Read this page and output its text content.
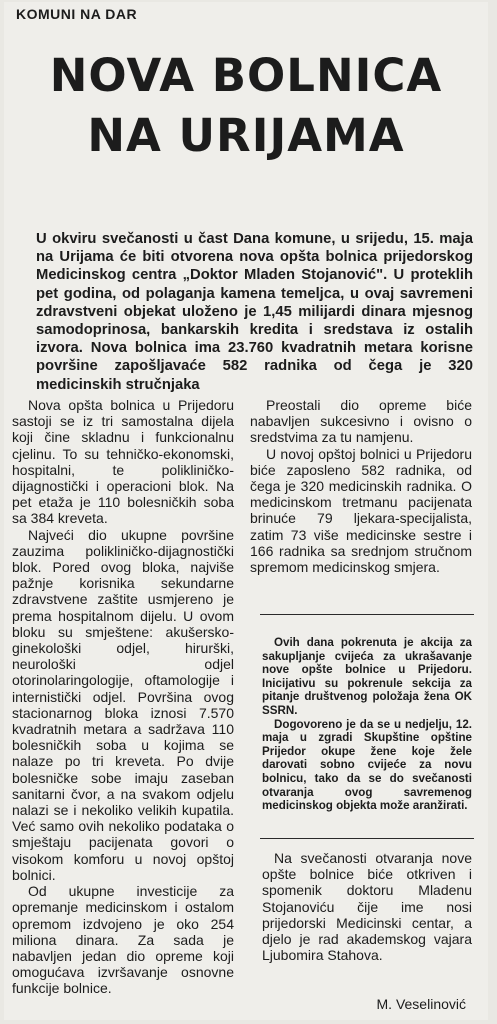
KOMUNI NA DAR
NOVA BOLNICA
NA URIJAMA

U okviru svečanosti u čast Dana komune, u srijedu, 15. maja na Urijama će biti otvorena nova opšta bolnica prijedorskog Medicinskog centra „Doktor Mladen Stojanović". U proteklih pet godina, od polaganja kamena temeljca, u ovaj savremeni zdravstveni objekat uloženo je 1,45 milijardi dinara mjesnog samodoprinosa, bankarskih kredita i sredstava iz ostalih izvora. Nova bolnica ima 23.760 kvadratnih metara korisne površine zapošljavaće 582 radnika od čega je 320 medicinskih stručnjaka

Nova opšta bolnica u Prijedoru sastoji se iz tri samostalna dijela koji čine skladnu i funkcionalnu cjelinu. To su tehničko-ekonomski, hospitalni, te polikliničko-dijagnostički i operacioni blok. Na pet etaža je 110 bolesničkih soba sa 384 kreveta.

Najveći dio ukupne površine zauzima polikliničko-dijagnostički blok. Pored ovog bloka, najviše pažnje korisnika sekundarne zdravstvene zaštite usmjereno je prema hospitalnom dijelu. U ovom bloku su smještene: akušersko-ginekološki odjel, hirurški, neurološki odjel otorinolaringologije, oftamologije i internistički odjel. Površina ovog stacionarnog bloka iznosi 7.570 kvadratnih metara a sadržava 110 bolesničkih soba u kojima se nalaze po tri kreveta. Po dvije bolesničke sobe imaju zaseban sanitarni čvor, a na svakom odjelu nalazi se i nekoliko velikih kupatila. Već samo ovih nekoliko podataka o smještaju pacijenata govori o visokom komforu u novoj opštoj bolnici.

Od ukupne investicije za opremanje medicinskom i ostalom opremom izdvojeno je oko 254 miliona dinara. Za sada je nabavljen jedan dio opreme koji omogućava izvršavanje osnovne funkcije bolnice.

Preostali dio opreme biće nabavljen sukcesivno i ovisno o sredstvima za tu namjenu.

U novoj opštoj bolnici u Prijedoru biće zaposleno 582 radnika, od čega je 320 medicinskih radnika. O medicinskom tretmanu pacijenata brinuće 79 ljekara-specijalista, zatim 73 više medicinske sestre i 166 radnika sa srednjom stručnom spremom medicinskog smjera.

Ovih dana pokrenuta je akcija za sakupljanje cvijeća za ukrašavanje nove opšte bolnice u Prijedoru. Inicijativu su pokrenule sekcija za pitanje društvenog položaja žena OK SSRN.

Dogovoreno je da se u nedjelju, 12. maja u zgradi Skupštine opštine Prijedor okupe žene koje žele darovati sobno cvijeće za novu bolnicu, tako da se do svečanosti otvaranja ovog savremenog medicinskog objekta može aranžirati.

Na svečanosti otvaranja nove opšte bolnice biće otkriven i spomenik doktoru Mladenu Stojanoviću čije ime nosi prijedorski Medicinski centar, a djelo je rad akademskog vajara Ljubomira Stahova.

M. Veselinović
